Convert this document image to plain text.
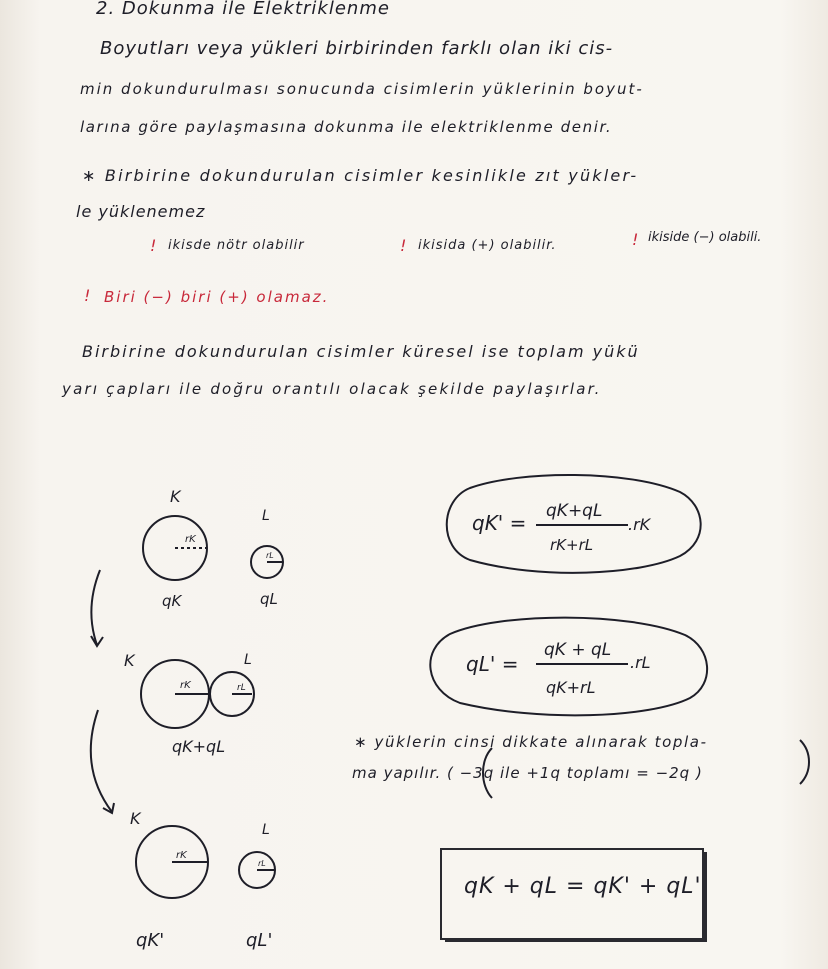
2. Dokunma ile Elektriklenme
Boyutları veya yükleri birbirinden farklı olan iki cis-
min dokundurulması sonucunda cisimlerin yüklerinin boyut-
larına göre paylaşmasına dokunma ile elektriklenme denir.
∗ Birbirine dokundurulan cisimler kesinlikle zıt yükler-
le yüklenemez
! ikisde nötr olabilir	! ikisida (+) olabilir.	! ikiside (−) olabili.
! Biri (−) biri (+) olamaz.
Birbirine dokundurulan cisimler küresel ise toplam yükü
yarı çapları ile doğru orantılı olacak şekilde paylaşırlar.
K
L
rK
rL
qK	qL
K	L
rK	rL
qK+qL
K
L
rK
rL
qK'	qL'
qK' = qK+qL
rK+rL
.rK
qL' =
qK + qL
qK+rL
.rL
∗ yüklerin cinsi dikkate alınarak topla-
ma yapılır. ( −3q ile +1q toplamı = −2q )
qK + qL = qK' + qL'
